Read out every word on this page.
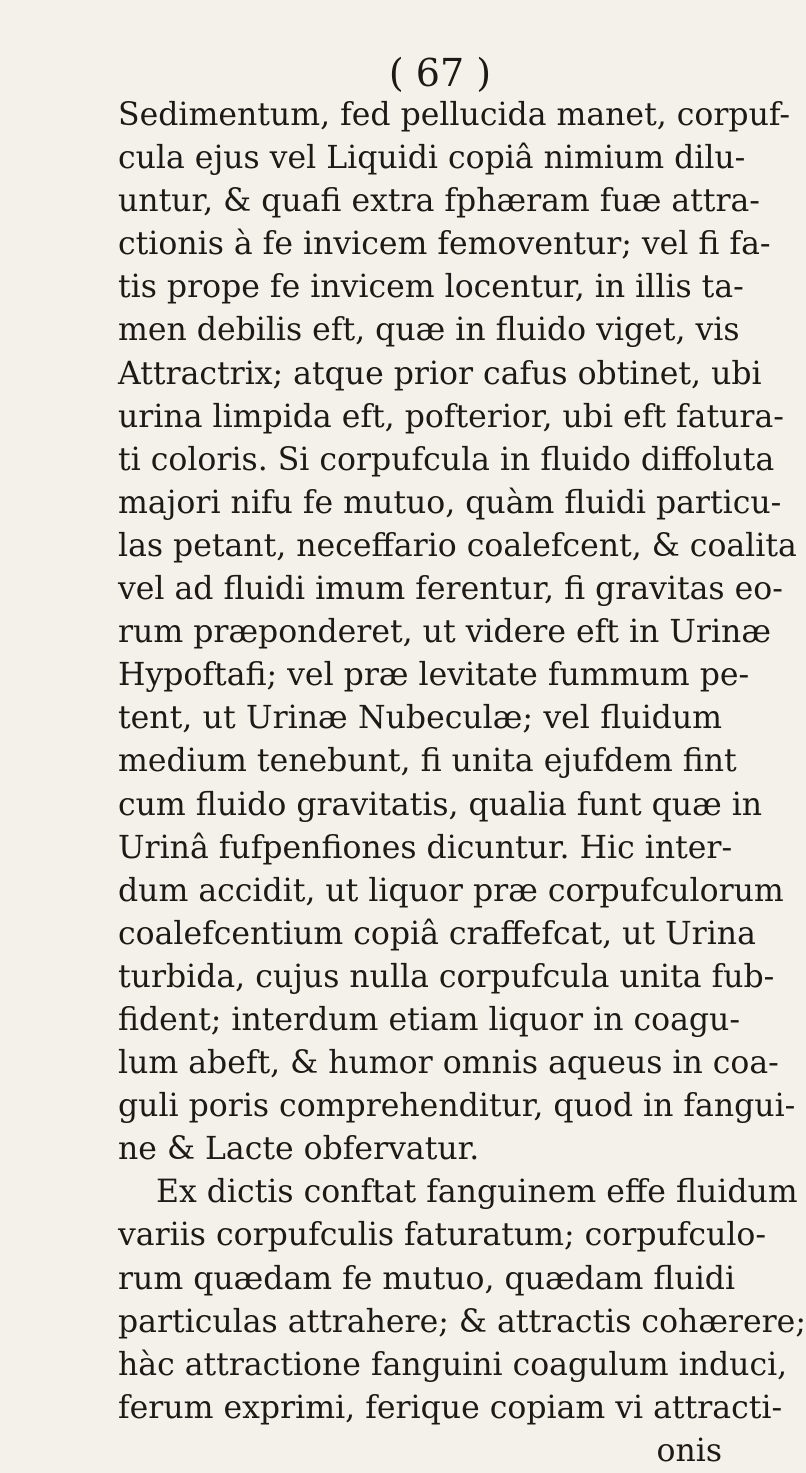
( 67 )
Sedimentum, fed pellucida manet, corpuf-
cula ejus vel Liquidi copiâ nimium dilu-
untur, & quafi extra fphæram fuæ attra-
ctionis à fe invicem femoventur; vel fi fa-
tis prope fe invicem locentur, in illis ta-
men debilis eft, quæ in fluido viget, vis
Attractrix; atque prior cafus obtinet, ubi
urina limpida eft, pofterior, ubi eft fatura-
ti coloris. Si corpufcula in fluido diffoluta
majori nifu fe mutuo, quàm fluidi particu-
las petant, neceffario coalefcent, & coalita
vel ad fluidi imum ferentur, fi gravitas eo-
rum præponderet, ut videre eft in Urinæ
Hypoftafi; vel præ levitate fummum pe-
tent, ut Urinæ Nubeculæ; vel fluidum
medium tenebunt, fi unita ejufdem fint
cum fluido gravitatis, qualia funt quæ in
Urinâ fufpenfiones dicuntur. Hic inter-
dum accidit, ut liquor præ corpufculorum
coalefcentium copiâ craffefcat, ut Urina
turbida, cujus nulla corpufcula unita fub-
fident; interdum etiam liquor in coagu-
lum abeft, & humor omnis aqueus in coa-
guli poris comprehenditur, quod in fangui-
ne & Lacte obfervatur.
Ex dictis conftat fanguinem effe fluidum
variis corpufculis faturatum; corpufculo-
rum quædam fe mutuo, quædam fluidi
particulas attrahere; & attractis cohærere;
hàc attractione fanguini coagulum induci,
ferum exprimi, ferique copiam vi attracti-
onis
